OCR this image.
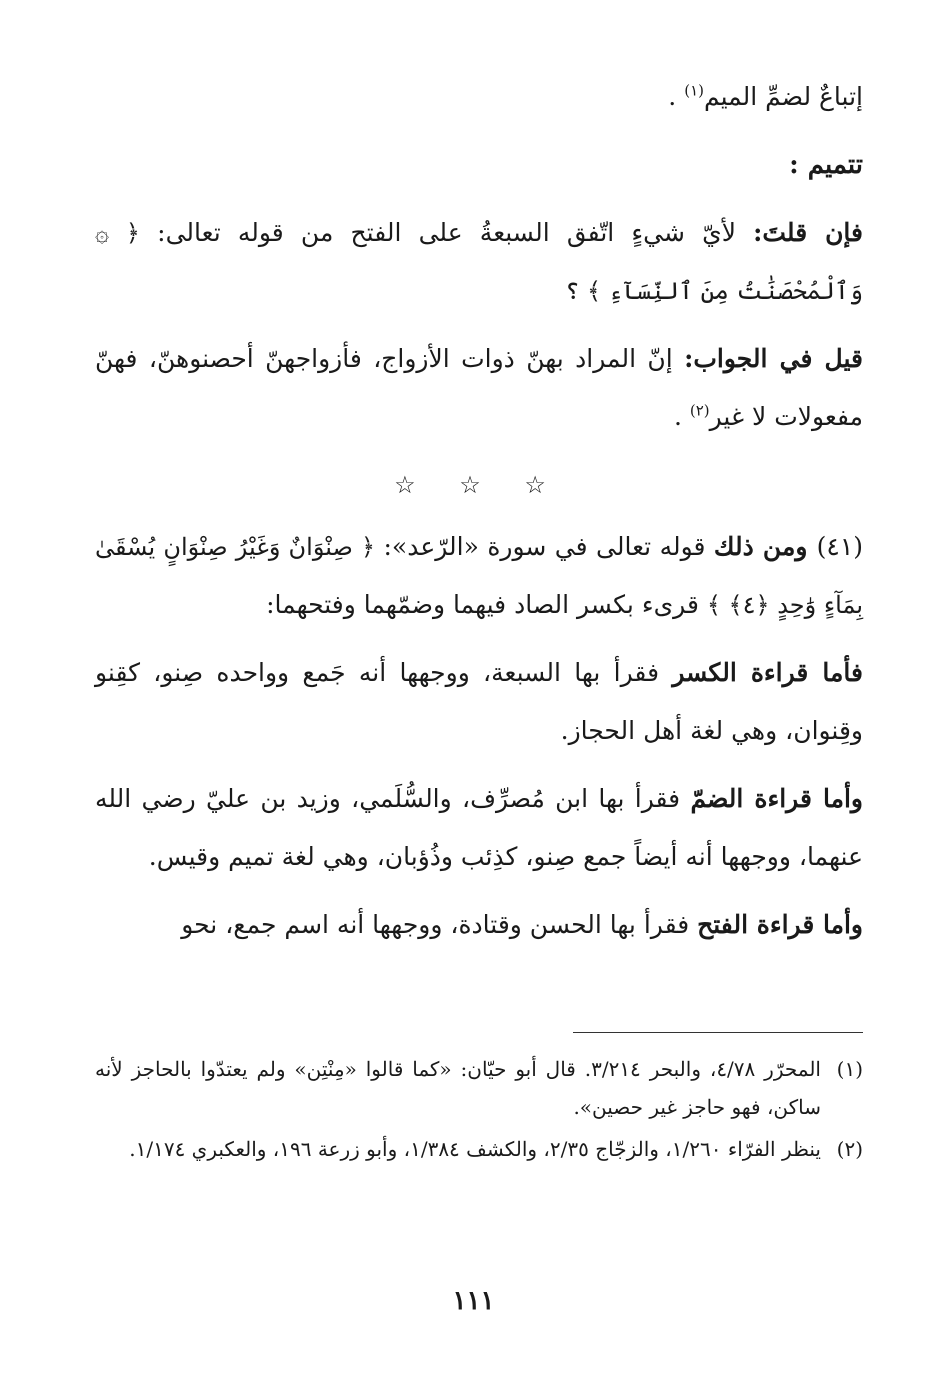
إتباعٌ لضمِّ الميم$^{(١)}$ .

تتميم :

فإن قلتَ: لأيّ شيءٍ اتّفق السبعةُ على الفتح من قوله تعالى: ﴿ ۞ وَٱلْمُحْصَنَٰتُ مِنَ ٱلنِّسَآءِ ﴾ ؟

قيل في الجواب: إنّ المراد بهنّ ذوات الأزواج، فأزواجهنّ أحصنوهنّ، فهنّ مفعولات لا غير$^{(٢)}$ .

☆ ☆ ☆

(٤١) ومن ذلك قوله تعالى في سورة «الرّعد»: ﴿ صِنْوَانٌ وَغَيْرُ صِنْوَانٍ يُسْقَىٰ بِمَآءٍ وَٰحِدٍ ﴿٤﴾ ﴾ قرىء بكسر الصاد فيهما وضمّهما وفتحهما:

فأما قراءة الكسر فقرأ بها السبعة، ووجهها أنه جَمع وواحده صِنو، كقِنو وقِنوان، وهي لغة أهل الحجاز.

وأما قراءة الضمّ فقرأ بها ابن مُصرِّف، والسُّلَمي، وزيد بن عليّ رضي الله عنهما، ووجهها أنه أيضاً جمع صِنو، كذِئب وذُؤبان، وهي لغة تميم وقيس.

وأما قراءة الفتح فقرأ بها الحسن وقتادة، ووجهها أنه اسم جمع، نحو

(١)
المحرّر ٤/٧٨، والبحر ٣/٢١٤. قال أبو حيّان: «كما قالوا «مِنْتِن» ولم يعتدّوا بالحاجز لأنه ساكن، فهو حاجز غير حصين».
(٢)
ينظر الفرّاء ١/٢٦٠، والزجّاج ٢/٣٥، والكشف ١/٣٨٤، وأبو زرعة ١٩٦، والعكبري ١/١٧٤.
١١١
